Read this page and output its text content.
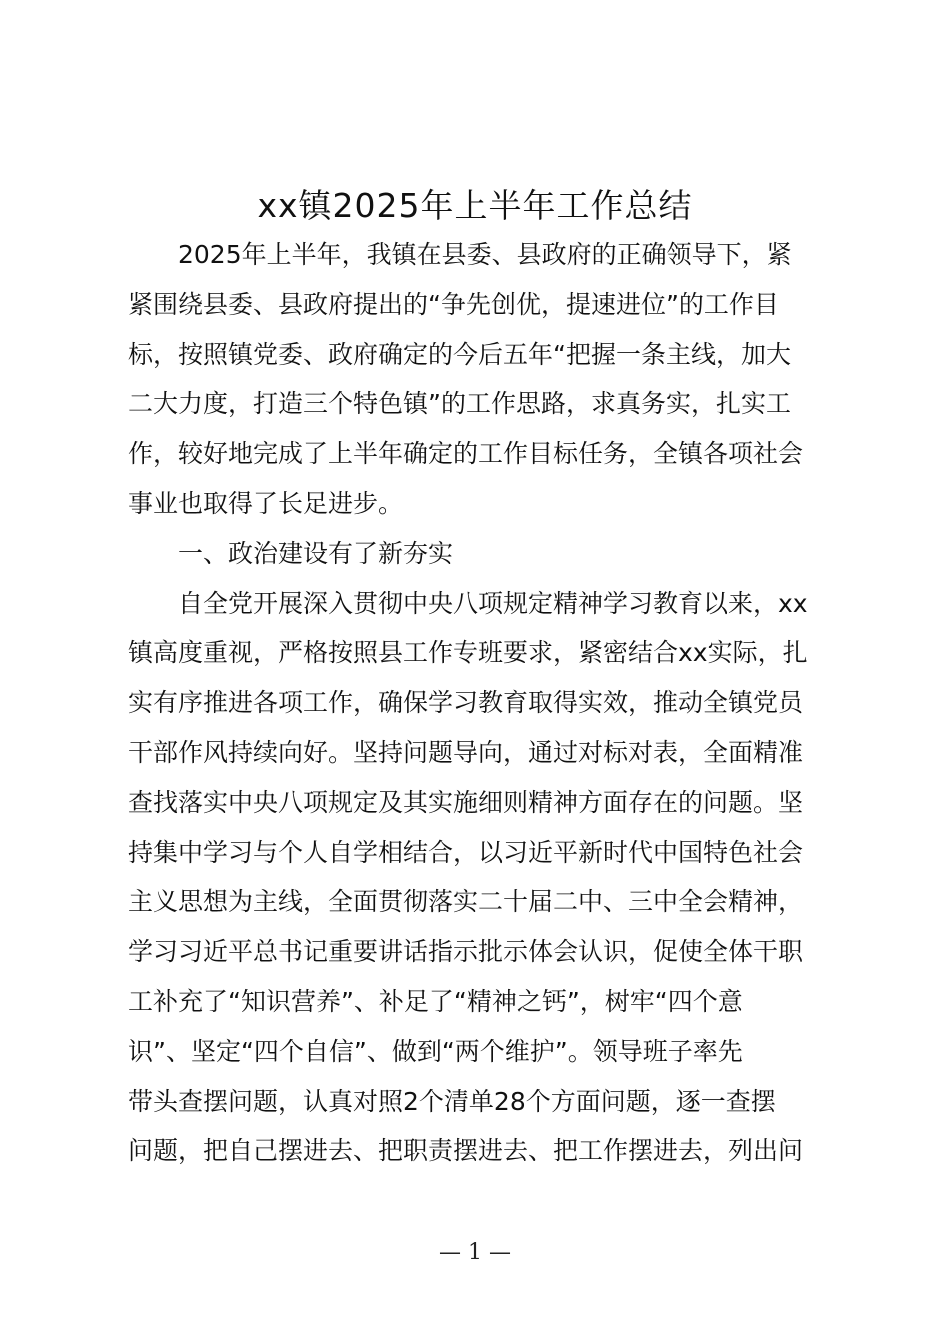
xx镇2025年上半年工作总结
2025年上半年，我镇在县委、县政府的正确领导下，紧
紧围绕县委、县政府提出的“争先创优，提速进位”的工作目
标，按照镇党委、政府确定的今后五年“把握一条主线，加大
二大力度，打造三个特色镇”的工作思路，求真务实，扎实工
作，较好地完成了上半年确定的工作目标任务，全镇各项社会
事业也取得了长足进步。
一、政治建设有了新夯实
自全党开展深入贯彻中央八项规定精神学习教育以来，xx
镇高度重视，严格按照县工作专班要求，紧密结合xx实际，扎
实有序推进各项工作，确保学习教育取得实效，推动全镇党员
干部作风持续向好。坚持问题导向，通过对标对表，全面精准
查找落实中央八项规定及其实施细则精神方面存在的问题。坚
持集中学习与个人自学相结合，以习近平新时代中国特色社会
主义思想为主线，全面贯彻落实二十届二中、三中全会精神，
学习习近平总书记重要讲话指示批示体会认识，促使全体干职
工补充了“知识营养”、补足了“精神之钙”，树牢“四个意
识”、坚定“四个自信”、做到“两个维护”。领导班子率先
带头查摆问题，认真对照2个清单28个方面问题，逐一查摆
问题，把自己摆进去、把职责摆进去、把工作摆进去，列出问
— 1 —
